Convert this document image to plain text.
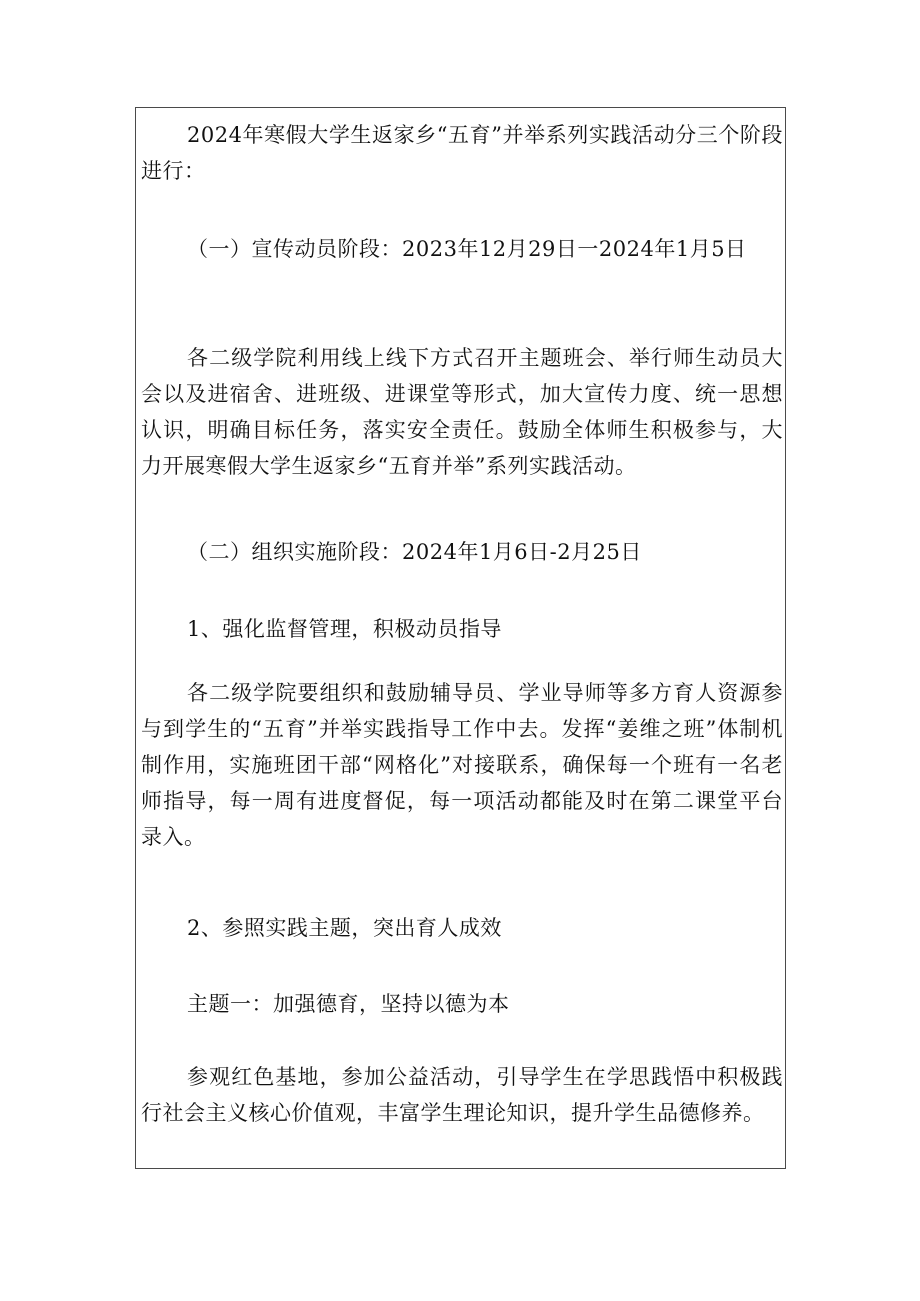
2024年寒假大学生返家乡“五育”并举系列实践活动分三个阶段进行：

（一）宣传动员阶段：2023年12月29日一2024年1月5日

各二级学院利用线上线下方式召开主题班会、举行师生动员大会以及进宿舍、进班级、进课堂等形式，加大宣传力度、统一思想认识，明确目标任务，落实安全责任。鼓励全体师生积极参与，大力开展寒假大学生返家乡“五育并举”系列实践活动。

（二）组织实施阶段：2024年1月6日-2月25日

1、强化监督管理，积极动员指导

各二级学院要组织和鼓励辅导员、学业导师等多方育人资源参与到学生的“五育”并举实践指导工作中去。发挥“姜维之班”体制机制作用，实施班团干部“网格化”对接联系，确保每一个班有一名老师指导，每一周有进度督促，每一项活动都能及时在第二课堂平台录入。

2、参照实践主题，突出育人成效

主题一：加强德育，坚持以德为本

参观红色基地，参加公益活动，引导学生在学思践悟中积极践行社会主义核心价值观，丰富学生理论知识，提升学生品德修养。
